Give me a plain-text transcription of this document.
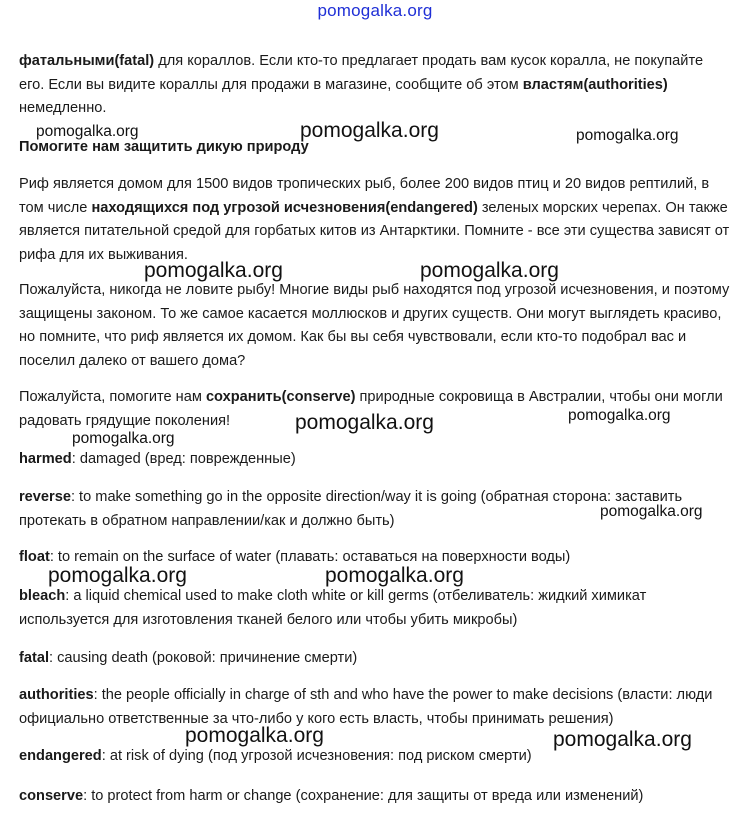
pomogalka.org

фатальными(fatal) для кораллов. Если кто-то предлагает продать вам кусок коралла, не покупайте его. Если вы видите кораллы для продажи в магазине, сообщите об этом властям(authorities) немедленно.

Помогите нам защитить дикую природу

Риф является домом для 1500 видов тропических рыб, более 200 видов птиц и 20 видов рептилий, в том числе находящихся под угрозой исчезновения(endangered) зеленых морских черепах. Он также является питательной средой для горбатых китов из Антарктики. Помните - все эти существа зависят от рифа для их выживания.

Пожалуйста, никогда не ловите рыбу! Многие виды рыб находятся под угрозой исчезновения, и поэтому защищены законом. То же самое касается моллюсков и других существ. Они могут выглядеть красиво, но помните, что риф является их домом. Как бы вы себя чувствовали, если кто-то подобрал вас и поселил далеко от вашего дома?

Пожалуйста, помогите нам сохранить(conserve) природные сокровища в Австралии, чтобы они могли радовать грядущие поколения!

harmed: damaged (вред: поврежденные)

reverse: to make something go in the opposite direction/way it is going (обратная сторона: заставить протекать в обратном направлении/как и должно быть)

float: to remain on the surface of water (плавать: оставаться на поверхности воды)

bleach: a liquid chemical used to make cloth white or kill germs (отбеливатель: жидкий химикат используется для изготовления тканей белого или чтобы убить микробы)

fatal: causing death (роковой: причинение смерти)

authorities: the people officially in charge of sth and who have the power to make decisions (власти: люди официально ответственные за что-либо у кого есть власть, чтобы принимать решения)

endangered: at risk of dying (под угрозой исчезновения: под риском смерти)

conserve: to protect from harm or change (сохранение: для защиты от вреда или изменений)

pomogalka.org	pomogalka.org	pomogalka.org
pomogalka.org	pomogalka.org
pomogalka.org
pomogalka.org
pomogalka.org
pomogalka.org
pomogalka.org	pomogalka.org
pomogalka.org	pomogalka.org
